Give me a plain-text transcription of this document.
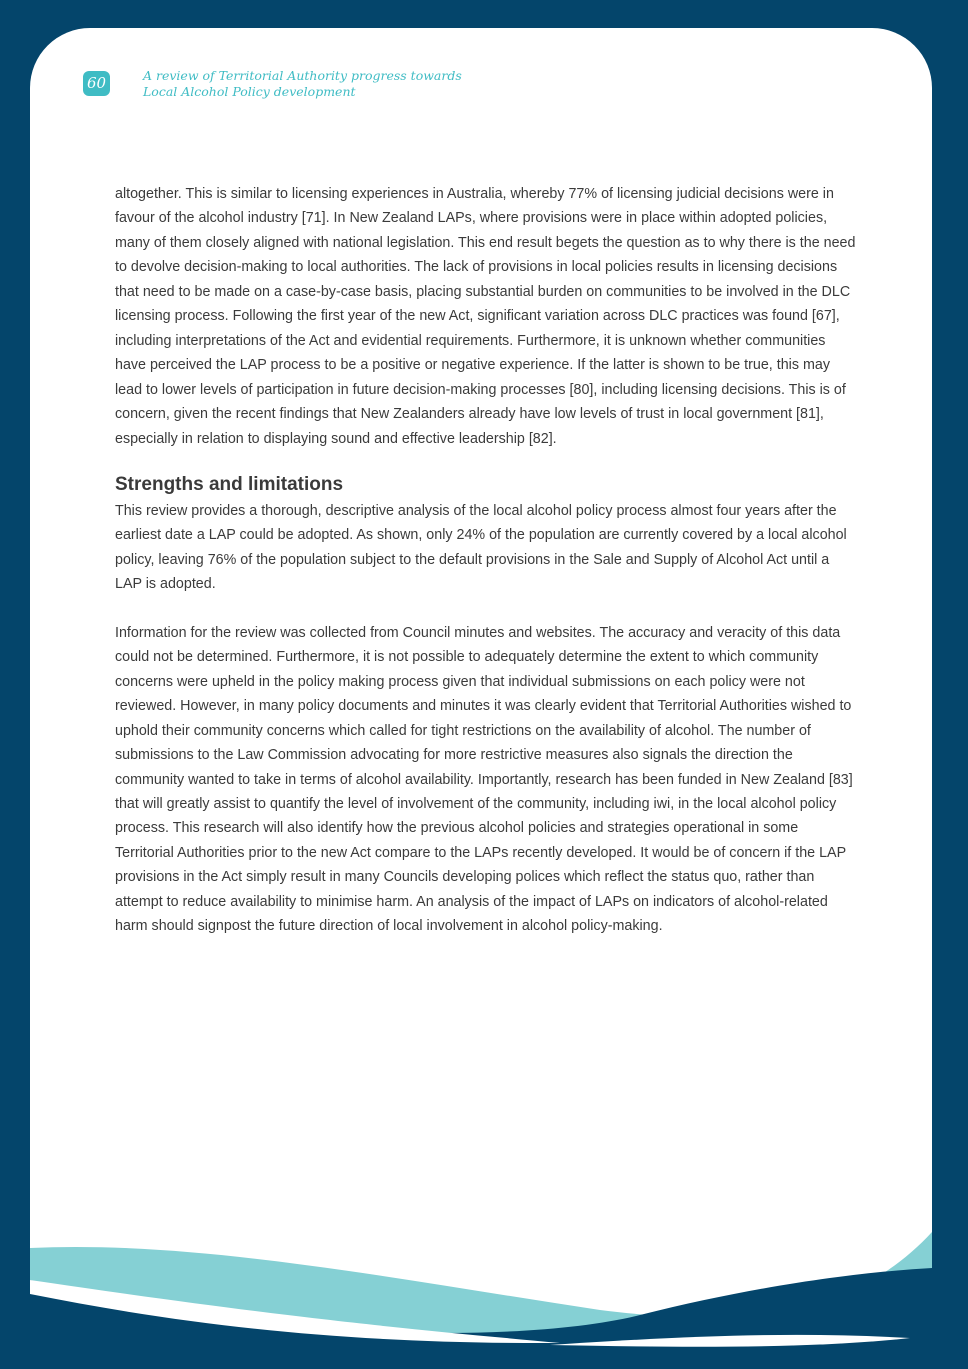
60	A review of Territorial Authority progress towards
Local Alcohol Policy development

altogether. This is similar to licensing experiences in Australia, whereby 77% of licensing judicial decisions were in favour of the alcohol industry [71]. In New Zealand LAPs, where provisions were in place within adopted policies, many of them closely aligned with national legislation. This end result begets the question as to why there is the need to devolve decision-making to local authorities. The lack of provisions in local policies results in licensing decisions that need to be made on a case-by-case basis, placing substantial burden on communities to be involved in the DLC licensing process. Following the first year of the new Act, significant variation across DLC practices was found [67], including interpretations of the Act and evidential requirements. Furthermore, it is unknown whether communities have perceived the LAP process to be a positive or negative experience. If the latter is shown to be true, this may lead to lower levels of participation in future decision-making processes [80], including licensing decisions. This is of concern, given the recent findings that New Zealanders already have low levels of trust in local government [81], especially in relation to displaying sound and effective leadership [82].

Strengths and limitations

This review provides a thorough, descriptive analysis of the local alcohol policy process almost four years after the earliest date a LAP could be adopted. As shown, only 24% of the population are currently covered by a local alcohol policy, leaving 76% of the population subject to the default provisions in the Sale and Supply of Alcohol Act until a LAP is adopted.

Information for the review was collected from Council minutes and websites. The accuracy and veracity of this data could not be determined. Furthermore, it is not possible to adequately determine the extent to which community concerns were upheld in the policy making process given that individual submissions on each policy were not reviewed. However, in many policy documents and minutes it was clearly evident that Territorial Authorities wished to uphold their community concerns which called for tight restrictions on the availability of alcohol. The number of submissions to the Law Commission advocating for more restrictive measures also signals the direction the community wanted to take in terms of alcohol availability. Importantly, research has been funded in New Zealand [83] that will greatly assist to quantify the level of involvement of the community, including iwi, in the local alcohol policy process. This research will also identify how the previous alcohol policies and strategies operational in some Territorial Authorities prior to the new Act compare to the LAPs recently developed. It would be of concern if the LAP provisions in the Act simply result in many Councils developing polices which reflect the status quo, rather than attempt to reduce availability to minimise harm. An analysis of the impact of LAPs on indicators of alcohol-related harm should signpost the future direction of local involvement in alcohol policy-making.
